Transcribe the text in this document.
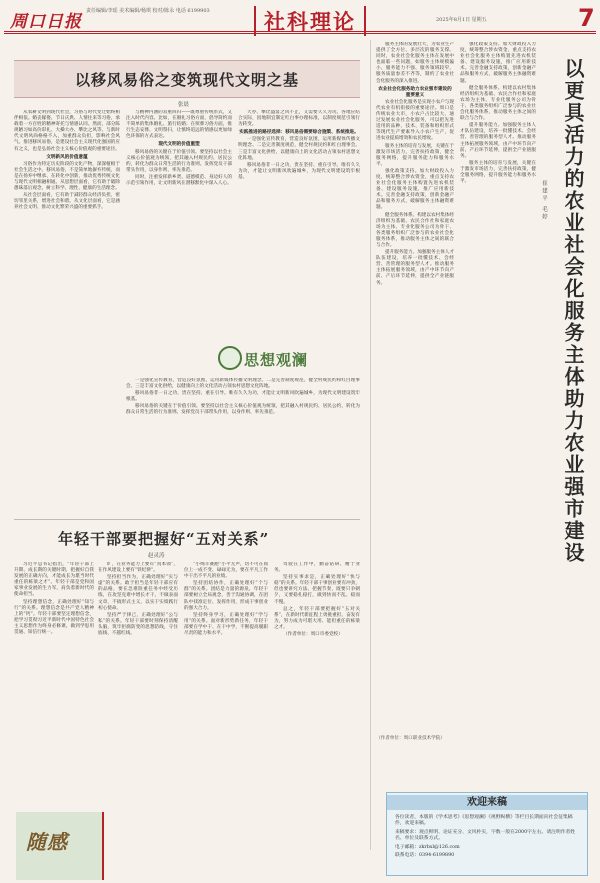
周口日报
责任编辑/李瑶 美术编辑/杨琪 校对/陈永 电话 6199903	社科理论	2025年8月1日 星期五	7
以移风易俗之变筑现代文明之基
张晨

从农耕文明到现代社会，习俗与时代变迁始终相伴相依。婚丧嫁娶、节日庆典、人情往来等习俗，承载着一方百姓的精神寄托与情感认同。然而，部分陈规陋习如高价彩礼、大操大办、攀比之风等，与新时代文明风尚格格不入，加重群众负担，影响社会风气。推进移风易俗，是建设社会主义现代化强国的应有之义，也是弘扬社会主义核心价值观的重要途径。

文明新风的价值意蕴

习俗作为特定历史阶段的文化产物，深深植根于社会生活之中。移风易俗，不是简单地摒弃传统，而是在扬弃中继承、在转化中创新，推动优秀传统文化与现代文明相融相通。从思想层面看，它有助于破除愚昧落后观念，树立科学、理性、健康的生活理念。

从社会层面看，它有助于减轻群众经济负担，密切邻里关系，增进社会和谐。从文化层面看，它是涵养社会文明、推动文化繁荣兴盛的重要抓手。

与精神内涵的双重回归——既尊重传统形式，又注入时代内容。比如，在婚礼习俗方面，倡导简约而不简单的集体婚礼、旅行结婚；在殡葬习俗方面，推行生态安葬、文明祭扫，让慎终追远的情感以更加绿色环保的方式表达。

现代文明的价值重塑

移风易俗的关键在于价值引领。要坚持以社会主义核心价值观为统领，把其融入村规民约、居民公约，转化为群众日常生活的行为准则。发挥党员干部带头作用，以身作则、率先垂范。

同时，注重发挥新乡贤、道德模范、身边好人的示范引领作用，让文明新风在潜移默化中深入人心。

大办、攀比盛宴之风不止，又需要久久为功。各地应结合实际，因地制宜制定红白事办理标准，以制度规范引领行为转变。

实践推进的路径选择：移风易俗需要综合施策、系统推进。

一是强化宣传教育，营造良好氛围，运用新媒体传播文明理念。二是完善制度规范，健全村规民约和红白理事会。三是丰富文化供给，以健康向上的文化活动占领农村思想文化阵地。

移风易俗非一日之功，贵在坚持、重在引导。唯有久久为功，才能让文明新风吹遍城乡，为现代文明建设筑牢根基。

思想观澜

一是强化宣传教育，营造良好氛围，运用新媒体传播文明理念。二是完善制度规范，健全村规民约和红白理事会。三是丰富文化供给，以健康向上的文化活动占领农村思想文化阵地。

移风易俗非一日之功，贵在坚持、重在引导。唯有久久为功，才能让文明新风吹遍城乡，为现代文明建设筑牢根基。

移风易俗的关键在于价值引领。要坚持以社会主义核心价值观为统领，把其融入村规民约、居民公约，转化为群众日常生活的行为准则。发挥党员干部带头作用，以身作则、率先垂范。

年轻干部要把握好“五对关系”
赵灵涛

习近平总书记指出，“年轻干部上升期、成长期的关键时期，把握好自我发展的正确方向，才能成长为堪当时代重任的栋梁之才”。年轻干部是党和国家事业发展的生力军，肩负着新时代的使命担当。

坚持理想信念，正确处理好“知与行”的关系。理想信念是共产党人精神上的“钙”。年轻干部要坚定理想信念，把学习贯彻习近平新时代中国特色社会主义思想作为终身必修课，做到学思用贯通、知信行统一。

旷，在业务能力上要有“真本领”，在作风建设上要有“铁纪律”。

坚持担当作为，正确处理好“实与虚”的关系。敢于担当是年轻干部应有的品格，要在急难险重任务中经受历练，在攻坚克难中增长才干，不做表面文章，不搞形式主义，以实干实绩践行初心使命。

坚持严于律己，正确处理好“公与私”的关系。年轻干部要时刻保持清醒头脑，筑牢拒腐防变的思想防线，守住底线、不越红线。

“小绵羊赛跑”小平无声，切不可在岗位上一成不变、碌碌无为，要在平凡工作中干出不平凡的业绩。

坚持团结协作，正确处理好“个与群”的关系。团结是力量的源泉，年轻干部要树立全局观念，善于沟通协调，在团队中找准定位、发挥作用，形成干事创业的强大合力。

坚持终身学习，正确处理好“学与用”的关系。面对新形势新任务，年轻干部要在学中干、在干中学，不断提高履职尽责的能力和水平。

驾驶在工作中，勤奋钻研、精于业务。

坚持实事求是，正确处理好“快与稳”的关系。年轻干部干事创业要有冲劲，但也要讲究方法、把握节奏，既要只争朝夕，又要稳扎稳打，做到快而不乱、稳而不慢。

总之，年轻干部要把握好“五对关系”，在新时代新征程上勇挑重担、奋发有为，努力成为可堪大用、能担重任的栋梁之才。

（作者单位：周口市委党校）

随感
以更具活力的农业社会化服务主体助力农业强市建设
崔建平 毛婷

服务主体的发展壮大，为农业生产提供了全方位、多层次的服务支撑。同时，农业社会化服务主体在发展中也面临一些问题，如服务主体规模偏小、服务能力不强、服务领域较窄、服务质量参差不齐等，制约了农业社会化服务的深入推进。

农业社会化服务助力农业强市建设的重要意义

农业社会化服务是实现小农户与现代农业有机衔接的重要途径。周口是传统农业大市，小农户占比较大，通过发展农业社会化服务，可以把先进适用的品种、技术、装备和组织形式等现代生产要素导入小农户生产，促进农业提质增效和农民增收。

服务主体的培育与发展，关键在于激发市场活力，完善扶持政策，健全服务网络，提升服务能力和服务水平。

强化政策支持。加大财政投入力度，统筹整合涉农资金，重点支持农业社会化服务主体购置先进农机装备、建设服务设施，推广应用新技术。完善金融支持政策，创新金融产品和服务方式，破解服务主体融资难题。

健全服务体系。构建以农村集体经济组织为基础、农民合作社和家庭农场为主体、专业化服务公司为骨干、各类服务组织广泛参与的农业社会化服务体系，推动服务主体之间的联合与合作。

提升服务能力。加强服务主体人才队伍建设，培养一批懂技术、会经营、善管理的服务型人才。推动服务主体拓展服务领域，由产中环节向产前、产后环节延伸，提供全产业链服务。

强化政策支持。加大财政投入力度，统筹整合涉农资金，重点支持农业社会化服务主体购置先进农机装备、建设服务设施，推广应用新技术。完善金融支持政策，创新金融产品和服务方式，破解服务主体融资难题。

健全服务体系。构建以农村集体经济组织为基础、农民合作社和家庭农场为主体、专业化服务公司为骨干、各类服务组织广泛参与的农业社会化服务体系，推动服务主体之间的联合与合作。

提升服务能力。加强服务主体人才队伍建设，培养一批懂技术、会经营、善管理的服务型人才。推动服务主体拓展服务领域，由产中环节向产前、产后环节延伸，提供全产业链服务。

服务主体的培育与发展，关键在于激发市场活力，完善扶持政策，健全服务网络，提升服务能力和服务水平。

（作者单位：周口职业技术学院）
欢迎来稿

各位读者，本版的《学术思考》《思想观澜》《视野纵横》等栏目长期面向社会征集稿件，欢迎来稿。

来稿要求：观点鲜明、论证充分、文风朴实，字数一般在2000字左右。请注明作者姓名、单位及联系方式。

电子邮箱：zkrbxl@126.com

联系电话：0394-6199890
